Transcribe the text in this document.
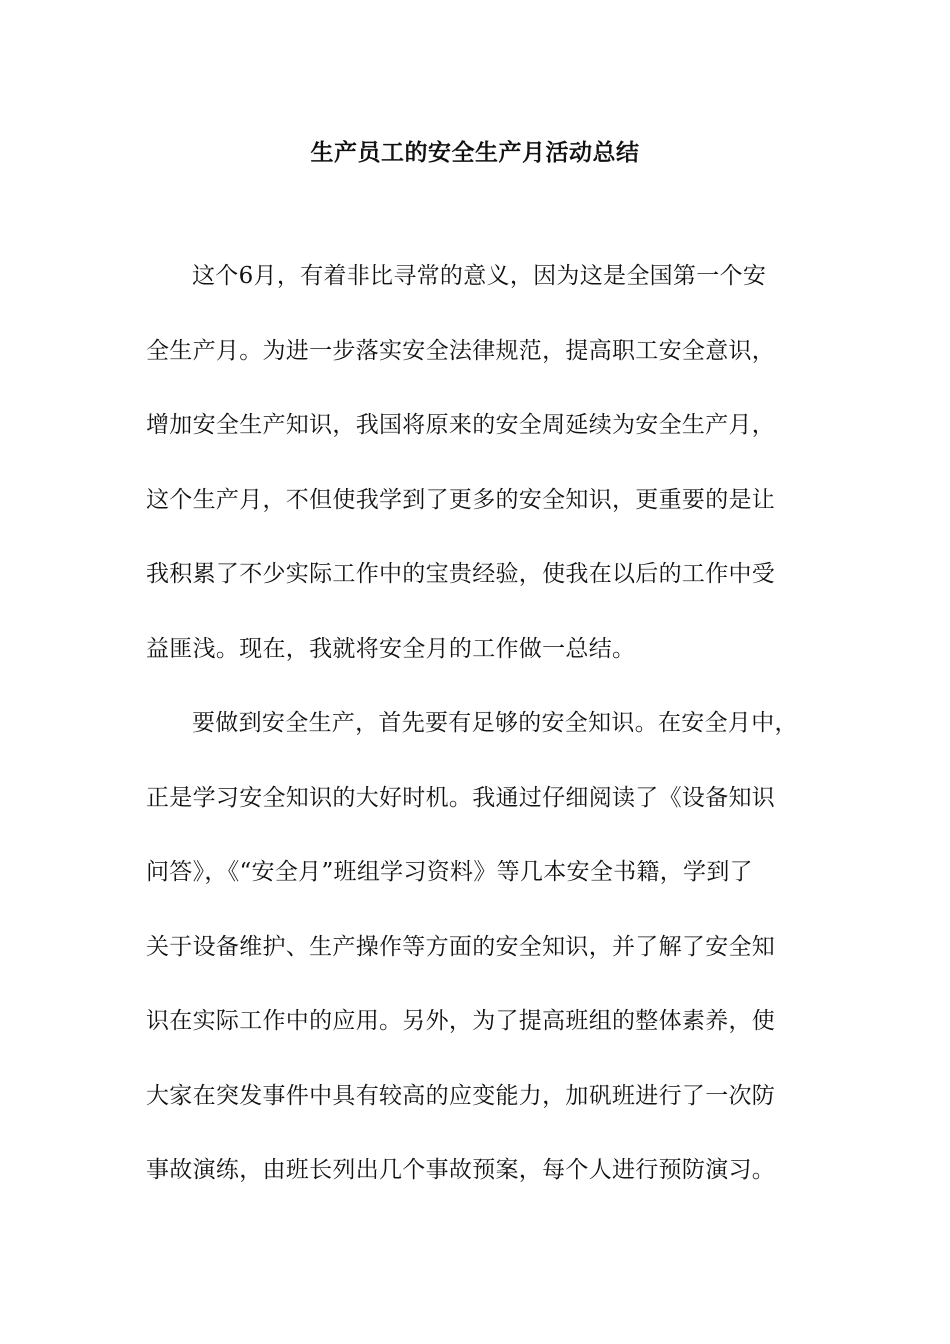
生产员工的安全生产月活动总结
这个6月，有着非比寻常的意义，因为这是全国第一个安
全生产月。为进一步落实安全法律规范，提高职工安全意识，
增加安全生产知识，我国将原来的安全周延续为安全生产月，
这个生产月，不但使我学到了更多的安全知识，更重要的是让
我积累了不少实际工作中的宝贵经验，使我在以后的工作中受
益匪浅。现在，我就将安全月的工作做一总结。
要做到安全生产，首先要有足够的安全知识。在安全月中，
正是学习安全知识的大好时机。我通过仔细阅读了《设备知识
问答》，《“安全月”班组学习资料》等几本安全书籍，学到了
关于设备维护、生产操作等方面的安全知识，并了解了安全知
识在实际工作中的应用。另外，为了提高班组的整体素养，使
大家在突发事件中具有较高的应变能力，加矾班进行了一次防
事故演练，由班长列出几个事故预案，每个人进行预防演习。
